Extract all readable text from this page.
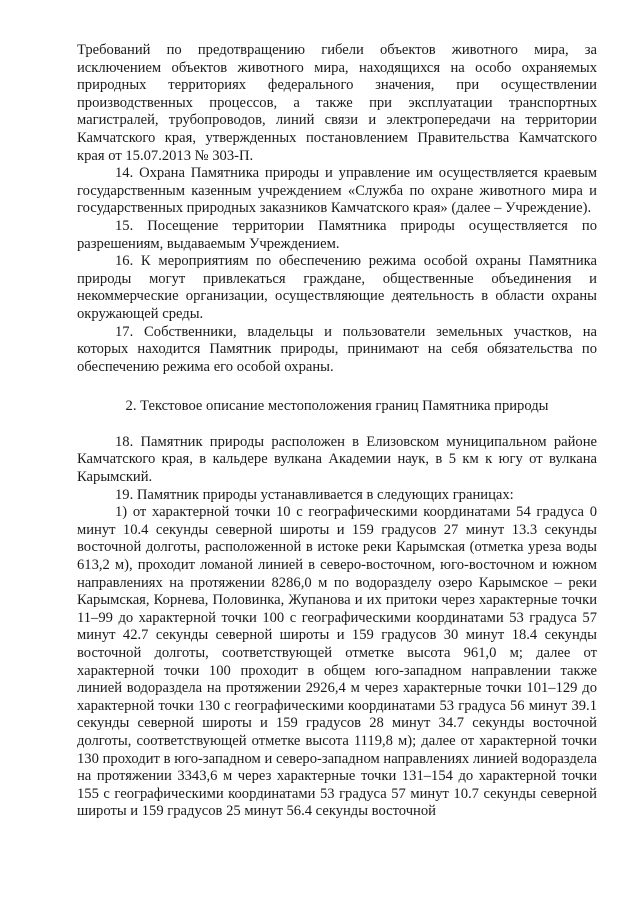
Требований по предотвращению гибели объектов животного мира, за исключением объектов животного мира, находящихся на особо охраняемых природных территориях федерального значения, при осуществлении производственных процессов, а также при эксплуатации транспортных магистралей, трубопроводов, линий связи и электропередачи на территории Камчатского края, утвержденных постановлением Правительства Камчатского края от 15.07.2013 № 303-П.

14. Охрана Памятника природы и управление им осуществляется краевым государственным казенным учреждением «Служба по охране животного мира и государственных природных заказников Камчатского края» (далее – Учреждение).

15. Посещение территории Памятника природы осуществляется по разрешениям, выдаваемым Учреждением.

16. К мероприятиям по обеспечению режима особой охраны Памятника природы могут привлекаться граждане, общественные объединения и некоммерческие организации, осуществляющие деятельность в области охраны окружающей среды.

17. Собственники, владельцы и пользователи земельных участков, на которых находится Памятник природы, принимают на себя обязательства по обеспечению режима его особой охраны.

2. Текстовое описание местоположения границ Памятника природы

18. Памятник природы расположен в Елизовском муниципальном районе Камчатского края, в кальдере вулкана Академии наук, в 5 км к югу от вулкана Карымский.

19. Памятник природы устанавливается в следующих границах:

1) от характерной точки 10 с географическими координатами 54 градуса 0 минут 10.4 секунды северной широты и 159 градусов 27 минут 13.3 секунды восточной долготы, расположенной в истоке реки Карымская (отметка уреза воды 613,2 м), проходит ломаной линией в северо-восточном, юго-восточном и южном направлениях на протяжении 8286,0 м по водоразделу озеро Карымское – реки Карымская, Корнева, Половинка, Жупанова и их притоки через характерные точки 11–99 до характерной точки 100 с географическими координатами 53 градуса 57 минут 42.7 секунды северной широты и 159 градусов 30 минут 18.4 секунды восточной долготы, соответствующей отметке высота 961,0 м; далее от характерной точки 100 проходит в общем юго-западном направлении также линией водораздела на протяжении 2926,4 м через характерные точки 101–129 до характерной точки 130 с географическими координатами 53 градуса 56 минут 39.1 секунды северной широты и 159 градусов 28 минут 34.7 секунды восточной долготы, соответствующей отметке высота 1119,8 м); далее от характерной точки 130 проходит в юго-западном и северо-западном направлениях линией водораздела на протяжении 3343,6 м через характерные точки 131–154 до характерной точки 155 с географическими координатами 53 градуса 57 минут 10.7 секунды северной широты и 159 градусов 25 минут 56.4 секунды восточной
